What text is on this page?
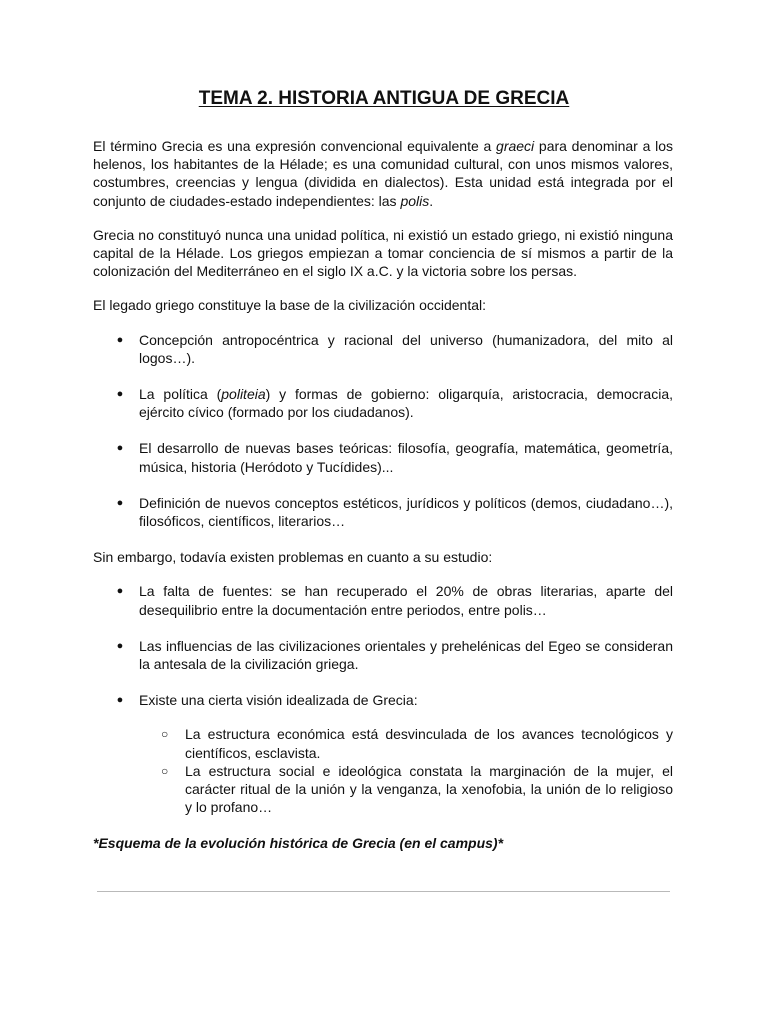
TEMA 2. HISTORIA ANTIGUA DE GRECIA

El término Grecia es una expresión convencional equivalente a graeci para denominar a los helenos, los habitantes de la Hélade; es una comunidad cultural, con unos mismos valores, costumbres, creencias y lengua (dividida en dialectos). Esta unidad está integrada por el conjunto de ciudades-estado independientes: las polis.

Grecia no constituyó nunca una unidad política, ni existió un estado griego, ni existió ninguna capital de la Hélade. Los griegos empiezan a tomar conciencia de sí mismos a partir de la colonización del Mediterráneo en el siglo IX a.C. y la victoria sobre los persas.

El legado griego constituye la base de la civilización occidental:

● Concepción antropocéntrica y racional del universo (humanizadora, del mito al logos…).
● La política (politeia) y formas de gobierno: oligarquía, aristocracia, democracia, ejército cívico (formado por los ciudadanos).
● El desarrollo de nuevas bases teóricas: filosofía, geografía, matemática, geometría, música, historia (Heródoto y Tucídides)...
● Definición de nuevos conceptos estéticos, jurídicos y políticos (demos, ciudadano…), filosóficos, científicos, literarios…

Sin embargo, todavía existen problemas en cuanto a su estudio:

● La falta de fuentes: se han recuperado el 20% de obras literarias, aparte del desequilibrio entre la documentación entre periodos, entre polis…
● Las influencias de las civilizaciones orientales y prehelénicas del Egeo se consideran la antesala de la civilización griega.
● Existe una cierta visión idealizada de Grecia:
○ La estructura económica está desvinculada de los avances tecnológicos y científicos, esclavista.
○ La estructura social e ideológica constata la marginación de la mujer, el carácter ritual de la unión y la venganza, la xenofobia, la unión de lo religioso y lo profano…

*Esquema de la evolución histórica de Grecia (en el campus)*
